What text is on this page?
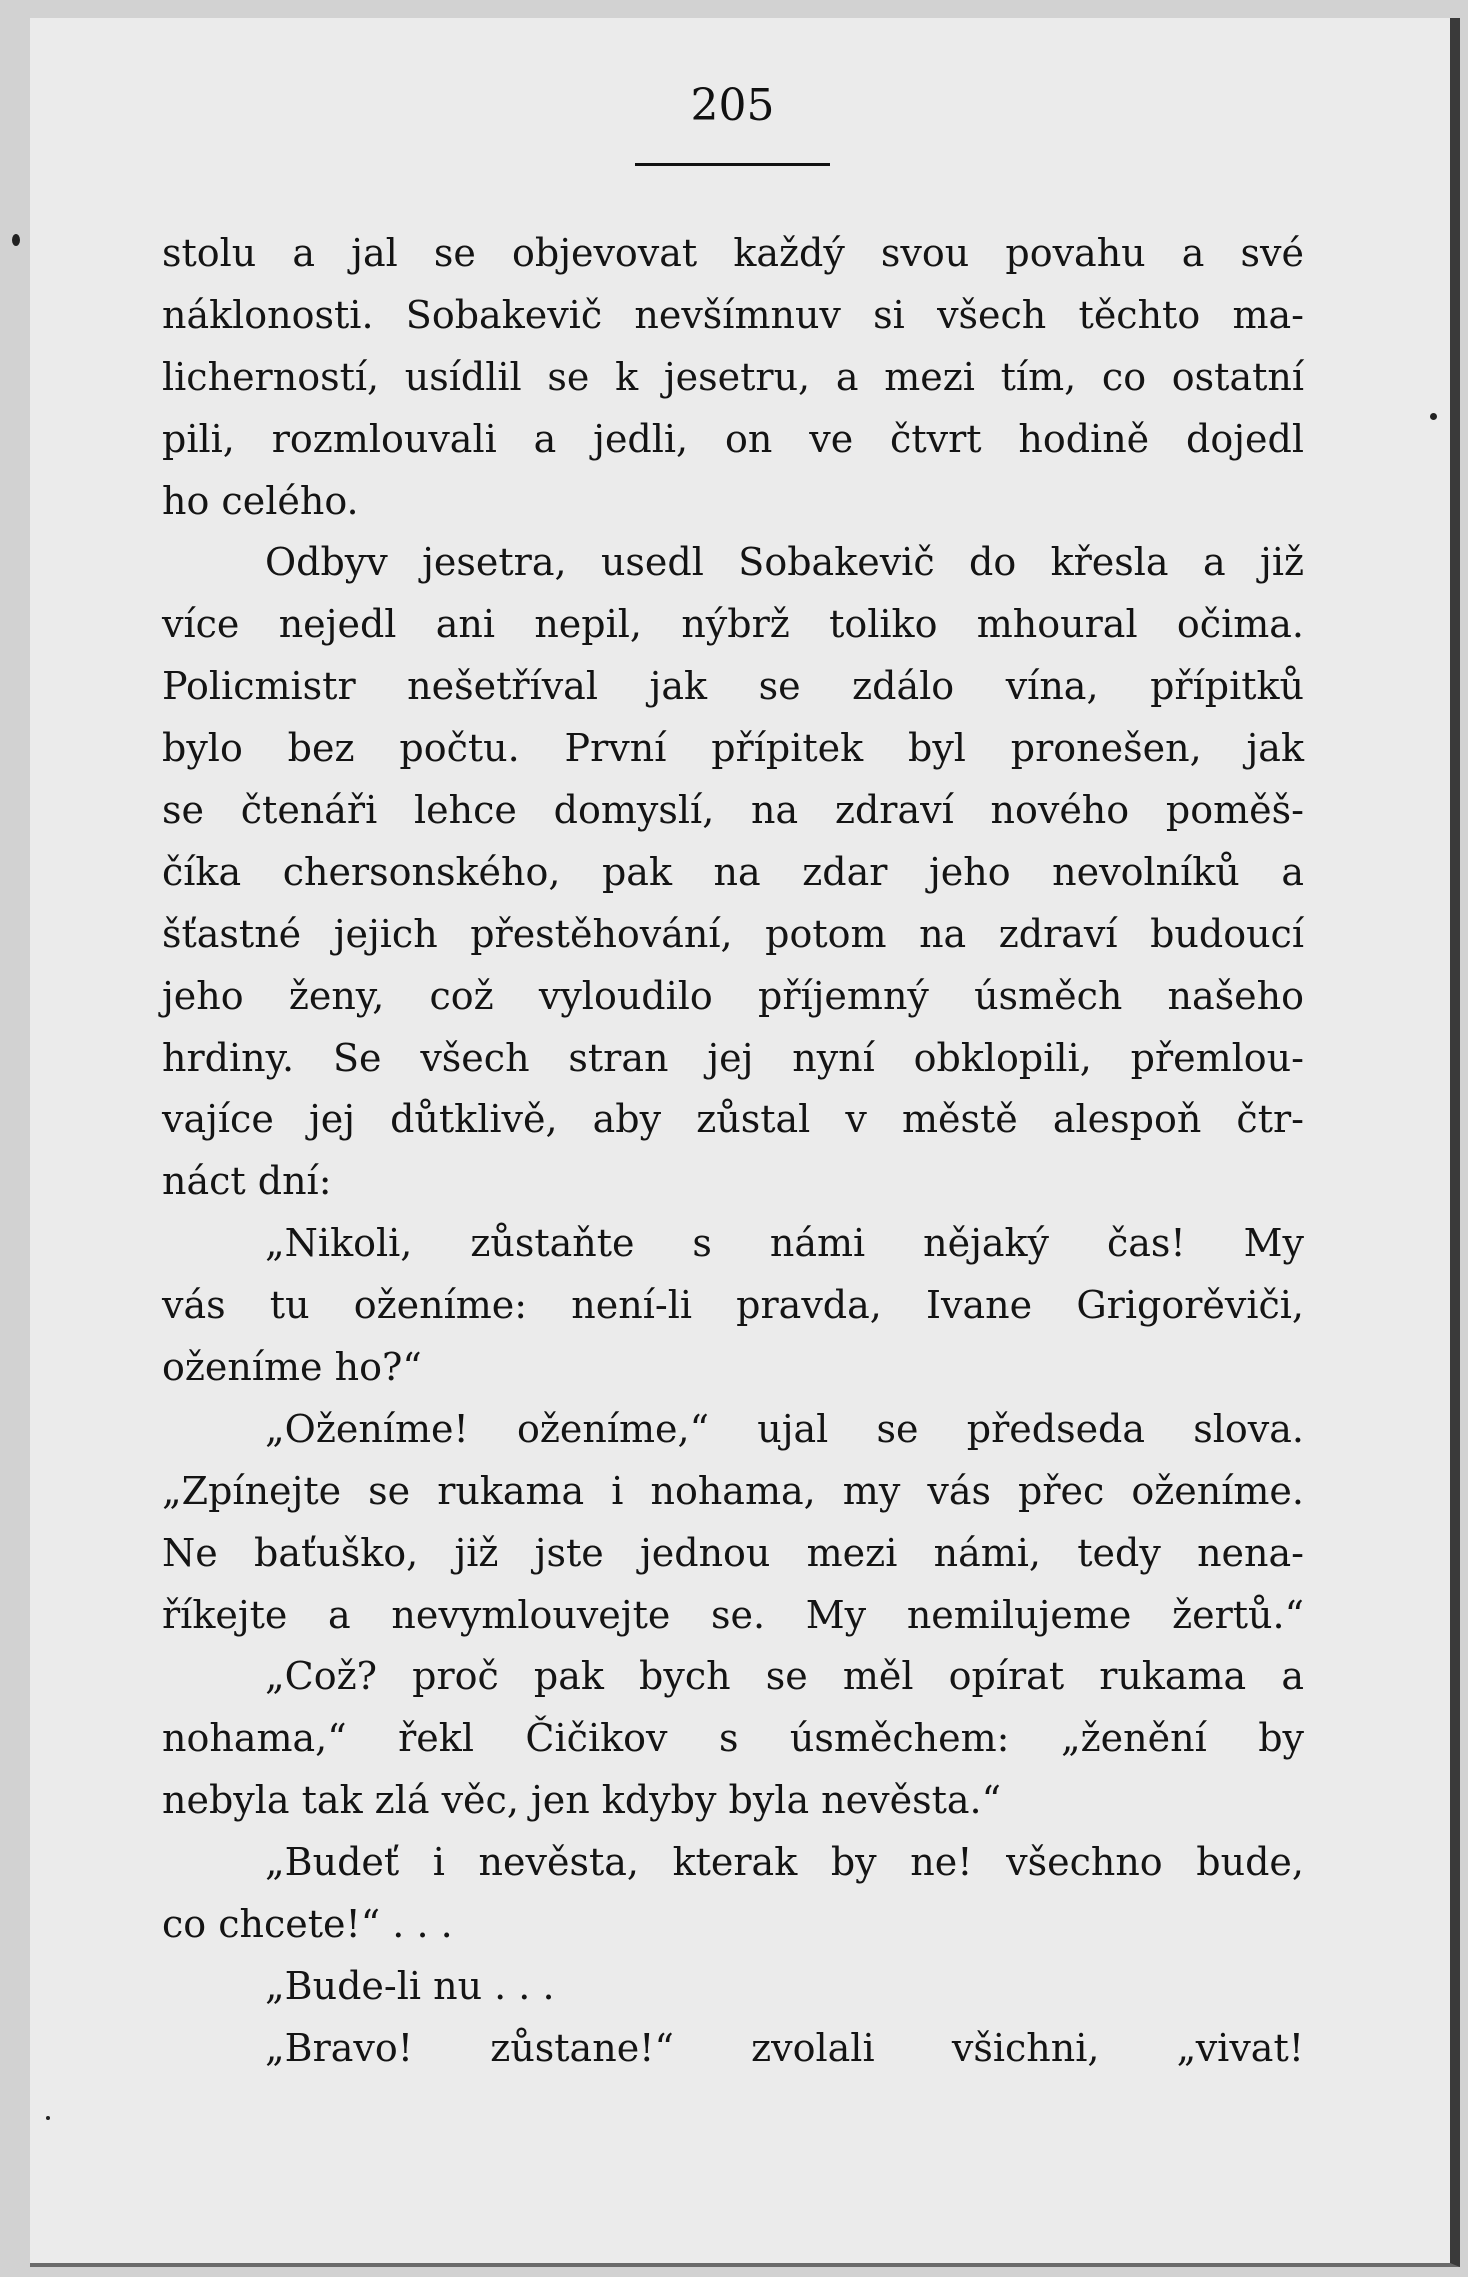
205
stolu a jal se objevovat každý svou povahu a své
náklonosti. Sobakevič nevšímnuv si všech těchto ma-
licherností, usídlil se k jesetru, a mezi tím, co ostatní
pili, rozmlouvali a jedli, on ve čtvrt hodině dojedl
ho celého.
Odbyv jesetra, usedl Sobakevič do křesla a již
více nejedl ani nepil, nýbrž toliko mhoural očima.
Policmistr nešetříval jak se zdálo vína, přípitků
bylo bez počtu. První přípitek byl pronešen, jak
se čtenáři lehce domyslí, na zdraví nového poměš-
číka chersonského, pak na zdar jeho nevolníků a
šťastné jejich přestěhování, potom na zdraví budoucí
jeho ženy, což vyloudilo příjemný úsměch našeho
hrdiny. Se všech stran jej nyní obklopili, přemlou-
vajíce jej důtklivě, aby zůstal v městě alespoň čtr-
náct dní:
„Nikoli, zůstaňte s námi nějaký čas! My
vás tu oženíme: není-li pravda, Ivane Grigorěviči,
oženíme ho?“
„Oženíme! oženíme,“ ujal se předseda slova.
„Zpínejte se rukama i nohama, my vás přec oženíme.
Ne baťuško, již jste jednou mezi námi, tedy nena-
říkejte a nevymlouvejte se. My nemilujeme žertů.“
„Což? proč pak bych se měl opírat rukama a
nohama,“ řekl Čičikov s úsměchem: „ženění by
nebyla tak zlá věc, jen kdyby byla nevěsta.“
„Budeť i nevěsta, kterak by ne! všechno bude,
co chcete!“ . . .
„Bude-li nu . . .
„Bravo! zůstane!“ zvolali všichni, „vivat!
